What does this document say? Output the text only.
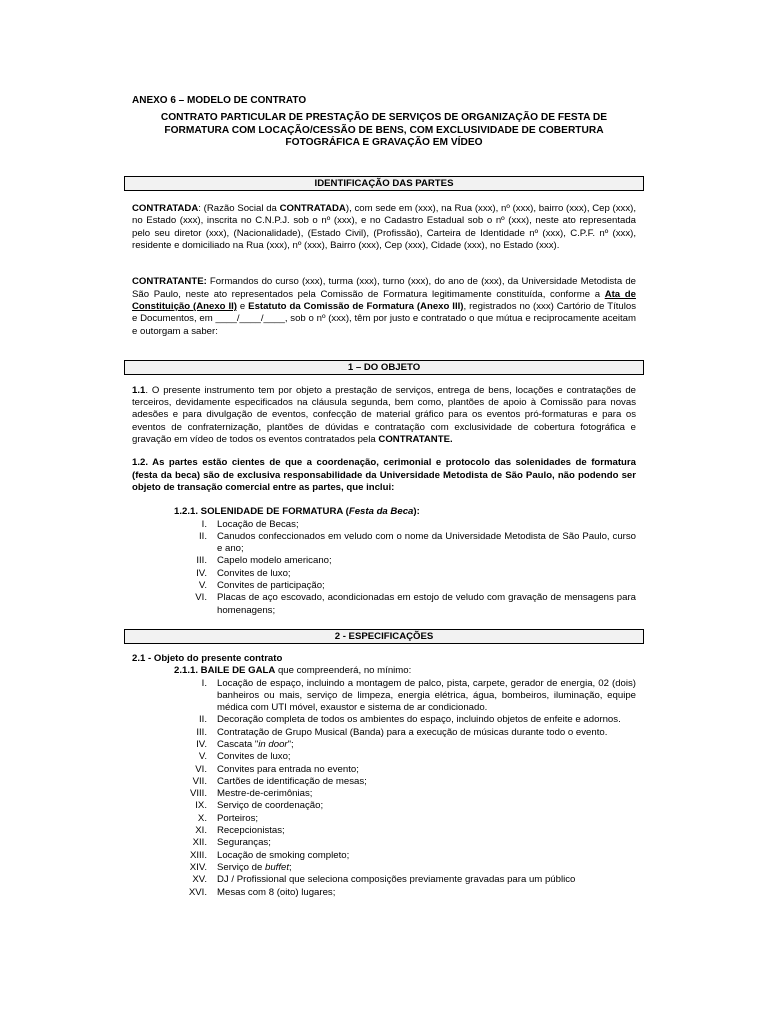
ANEXO 6 – MODELO DE CONTRATO
CONTRATO PARTICULAR DE PRESTAÇÃO DE SERVIÇOS DE ORGANIZAÇÃO DE FESTA DE
FORMATURA COM LOCAÇÃO/CESSÃO DE BENS, COM EXCLUSIVIDADE DE COBERTURA
FOTOGRÁFICA E GRAVAÇÃO EM VÍDEO
IDENTIFICAÇÃO DAS PARTES

CONTRATADA: (Razão Social da CONTRATADA), com sede em (xxx), na Rua (xxx), nº (xxx), bairro (xxx), Cep (xxx), no Estado (xxx), inscrita no C.N.P.J. sob o nº (xxx), e no Cadastro Estadual sob o nº (xxx), neste ato representada pelo seu diretor (xxx), (Nacionalidade), (Estado Civil), (Profissão), Carteira de Identidade nº (xxx), C.P.F. nº (xxx), residente e domiciliado na Rua (xxx), nº (xxx), Bairro (xxx), Cep (xxx), Cidade (xxx), no Estado (xxx).

CONTRATANTE: Formandos do curso (xxx), turma (xxx), turno (xxx), do ano de (xxx), da Universidade Metodista de São Paulo, neste ato representados pela Comissão de Formatura legitimamente constituída, conforme a Ata de Constituição (Anexo II) e Estatuto da Comissão de Formatura (Anexo III), registrados no (xxx) Cartório de Títulos e Documentos, em ____/____/____, sob o nº (xxx), têm por justo e contratado o que mútua e reciprocamente aceitam e outorgam a saber:

1 – DO OBJETO

1.1. O presente instrumento tem por objeto a prestação de serviços, entrega de bens, locações e contratações de terceiros, devidamente especificados na cláusula segunda, bem como, plantões de apoio à Comissão para novas adesões e para divulgação de eventos, confecção de material gráfico para os eventos pró-formaturas e para os eventos de confraternização, plantões de dúvidas e contratação com exclusividade de cobertura fotográfica e gravação em vídeo de todos os eventos contratados pela CONTRATANTE.

1.2. As partes estão cientes de que a coordenação, cerimonial e protocolo das solenidades de formatura (festa da beca) são de exclusiva responsabilidade da Universidade Metodista de São Paulo, não podendo ser objeto de transação comercial entre as partes, que inclui:

1.2.1. SOLENIDADE DE FORMATURA (Festa da Beca):
I.	Locação de Becas;
II.	Canudos confeccionados em veludo com o nome da Universidade Metodista de São Paulo, curso e ano;
III.	Capelo modelo americano;
IV.	Convites de luxo;
V.	Convites de participação;
VI.	Placas de aço escovado, acondicionadas em estojo de veludo com gravação de mensagens para homenagens;
2 - ESPECIFICAÇÕES
2.1 - Objeto do presente contrato
2.1.1. BAILE DE GALA que compreenderá, no mínimo:
I.	Locação de espaço, incluindo a montagem de palco, pista, carpete, gerador de energia, 02 (dois) banheiros ou mais, serviço de limpeza, energia elétrica, água, bombeiros, iluminação, equipe médica com UTI móvel, exaustor e sistema de ar condicionado.
II.	Decoração completa de todos os ambientes do espaço, incluindo objetos de enfeite e adornos.
III.	Contratação de Grupo Musical (Banda) para a execução de músicas durante todo o evento.
IV.	Cascata "in door";
V.	Convites de luxo;
VI.	Convites para entrada no evento;
VII.	Cartões de identificação de mesas;
VIII.	Mestre-de-cerimônias;
IX.	Serviço de coordenação;
X.	Porteiros;
XI.	Recepcionistas;
XII.	Seguranças;
XIII.	Locação de smoking completo;
XIV.	Serviço de buffet;
XV.	DJ / Profissional que seleciona composições previamente gravadas para um público
XVI.	Mesas com 8 (oito) lugares;
